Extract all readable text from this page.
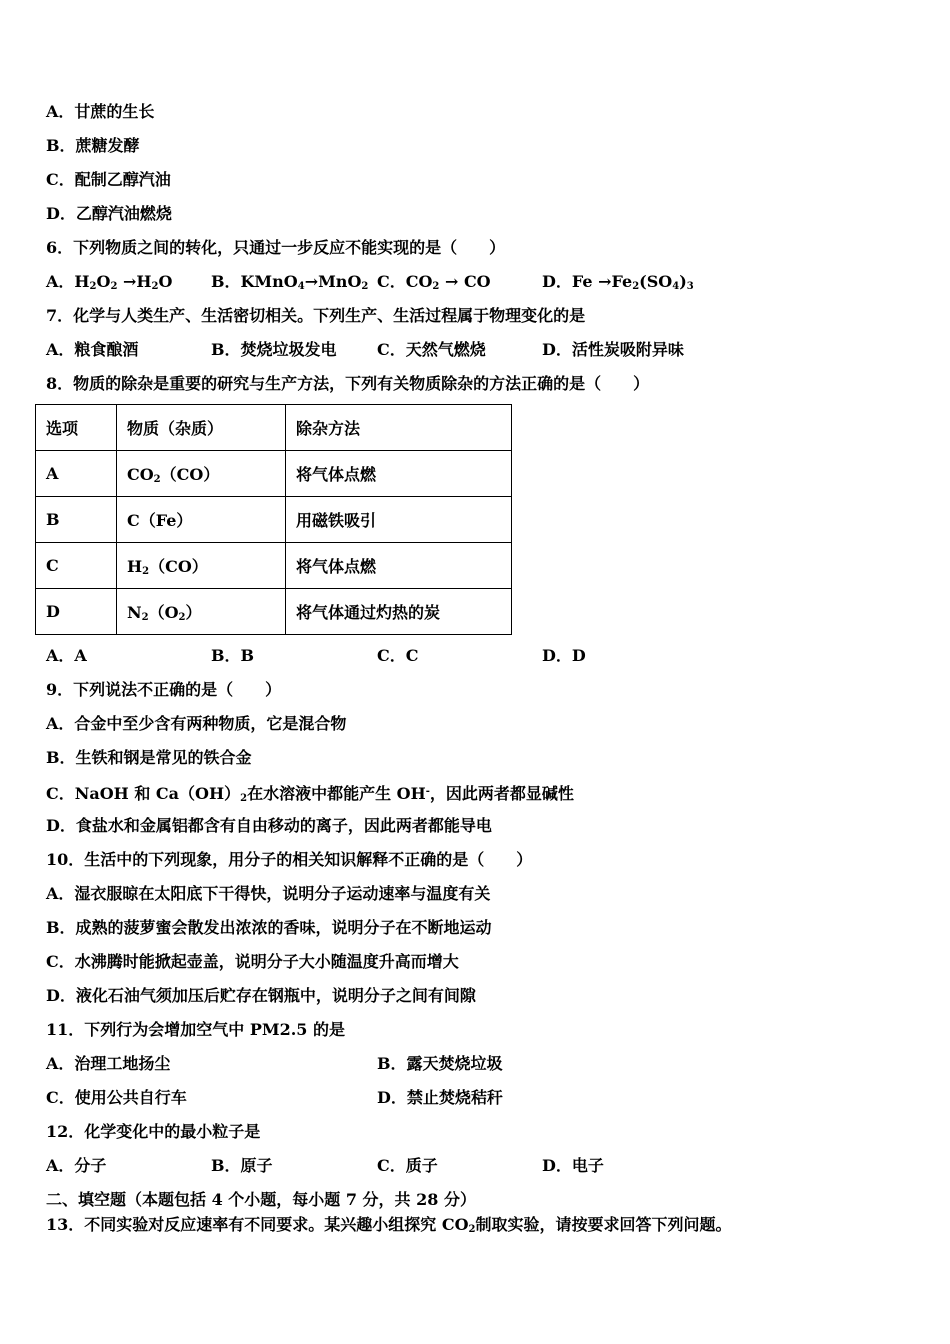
A．甘蔗的生长
B．蔗糖发酵
C．配制乙醇汽油
D．乙醇汽油燃烧
6．下列物质之间的转化，只通过一步反应不能实现的是（　　）
A．$H_2O_2 \to H_2O$ B．KMnO$_4$→MnO$_2$ C．$CO_2$ → CO	D．$Fe \to Fe_2(SO_4)_3$
7．化学与人类生产、生活密切相关。下列生产、生活过程属于物理变化的是
A．粮食酿酒	B．焚烧垃圾发电	C．天然气燃烧	D．活性炭吸附异味
8．物质的除杂是重要的研究与生产方法，下列有关物质除杂的方法正确的是（　　）
选项	物质（杂质）	除杂方法
A	$CO_2(CO)$	将气体点燃
B	C（Fe）	用磁铁吸引
C	$H_2(CO)$	将气体点燃
D	$N_2(O_2)$	将气体通过灼热的炭
A．A	B．B	C．C	D．D
9．下列说法不正确的是（　　）
A．合金中至少含有两种物质，它是混合物
B．生铁和钢是常见的铁合金
C．NaOH 和 $Ca(OH)_2$在水溶液中都能产生 OH-，因此两者都显碱性
D．食盐水和金属铝都含有自由移动的离子，因此两者都能导电
10．生活中的下列现象，用分子的相关知识解释不正确的是（　　）
A．湿衣服晾在太阳底下干得快，说明分子运动速率与温度有关
B．成熟的菠萝蜜会散发出浓浓的香味，说明分子在不断地运动
C．水沸腾时能掀起壶盖，说明分子大小随温度升高而增大
D．液化石油气须加压后贮存在钢瓶中，说明分子之间有间隙
11．下列行为会增加空气中 PM2.5 的是
A．治理工地扬尘	B．露天焚烧垃圾
C．使用公共自行车	D．禁止焚烧秸秆
12．化学变化中的最小粒子是
A．分子	B．原子	C．质子	D．电子
二、填空题（本题包括 4 个小题，每小题 7 分，共 28 分）
13．不同实验对反应速率有不同要求。某兴趣小组探究 $CO_2$制取实验，请按要求回答下列问题。
